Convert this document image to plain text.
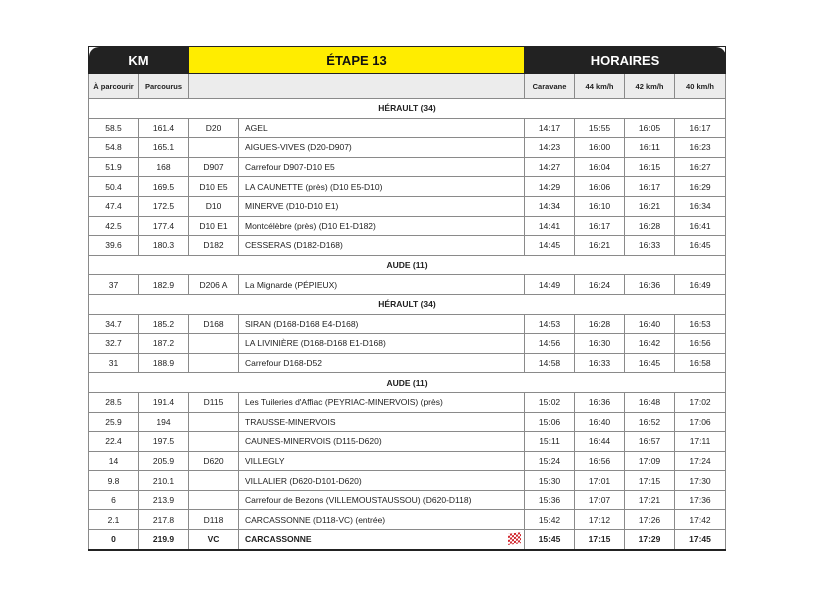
KM		ÉTAPE 13		HORAIRES			
À parcourir	Parcourus			Caravane	44 km/h	42 km/h	40 km/h
HÉRAULT (34)							
58.5	161.4	D20	AGEL	14:17	15:55	16:05	16:17
54.8	165.1		AIGUES-VIVES (D20-D907)	14:23	16:00	16:11	16:23
51.9	168	D907	Carrefour D907-D10 E5	14:27	16:04	16:15	16:27
50.4	169.5	D10 E5	LA CAUNETTE (près) (D10 E5-D10)	14:29	16:06	16:17	16:29
47.4	172.5	D10	MINERVE (D10-D10 E1)	14:34	16:10	16:21	16:34
42.5	177.4	D10 E1	Montcélèbre (près) (D10 E1-D182)	14:41	16:17	16:28	16:41
39.6	180.3	D182	CESSERAS (D182-D168)	14:45	16:21	16:33	16:45
AUDE (11)							
37	182.9	D206 A	La Mignarde (PÉPIEUX)	14:49	16:24	16:36	16:49
HÉRAULT (34)							
34.7	185.2	D168	SIRAN (D168-D168 E4-D168)	14:53	16:28	16:40	16:53
32.7	187.2		LA LIVINIÈRE (D168-D168 E1-D168)	14:56	16:30	16:42	16:56
31	188.9		Carrefour D168-D52	14:58	16:33	16:45	16:58
AUDE (11)							
28.5	191.4	D115	Les Tuileries d'Affiac (PEYRIAC-MINERVOIS) (près)	15:02	16:36	16:48	17:02
25.9	194		TRAUSSE-MINERVOIS	15:06	16:40	16:52	17:06
22.4	197.5		CAUNES-MINERVOIS (D115-D620)	15:11	16:44	16:57	17:11
14	205.9	D620	VILLEGLY	15:24	16:56	17:09	17:24
9.8	210.1		VILLALIER (D620-D101-D620)	15:30	17:01	17:15	17:30
6	213.9		Carrefour de Bezons (VILLEMOUSTAUSSOU) (D620-D118)	15:36	17:07	17:21	17:36
2.1	217.8	D118	CARCASSONNE (D118-VC) (entrée)	15:42	17:12	17:26	17:42
0	219.9	VC	CARCASSONNE	15:45	17:15	17:29	17:45
